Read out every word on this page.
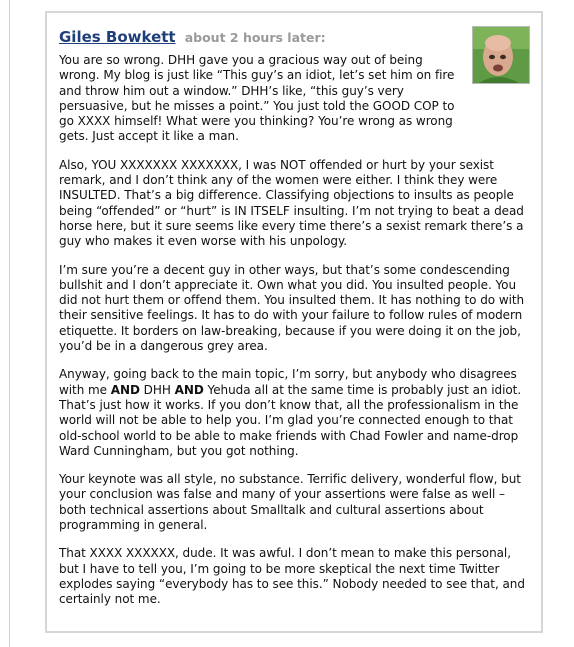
Giles Bowkett about 2 hours later:

You are so wrong. DHH gave you a gracious way out of being wrong. My blog is just like “This guy’s an idiot, let’s set him on fire and throw him out a window.” DHH’s like, “this guy’s very persuasive, but he misses a point.” You just told the GOOD COP to go XXXX himself! What were you thinking? You’re wrong as wrong gets. Just accept it like a man.

Also, YOU XXXXXXX XXXXXXX, I was NOT offended or hurt by your sexist remark, and I don’t think any of the women were either. I think they were INSULTED. That’s a big difference. Classifying objections to insults as people being “offended” or “hurt” is IN ITSELF insulting. I’m not trying to beat a dead horse here, but it sure seems like every time there’s a sexist remark there’s a guy who makes it even worse with his unpology.

I’m sure you’re a decent guy in other ways, but that’s some condescending bullshit and I don’t appreciate it. Own what you did. You insulted people. You did not hurt them or offend them. You insulted them. It has nothing to do with their sensitive feelings. It has to do with your failure to follow rules of modern etiquette. It borders on law-breaking, because if you were doing it on the job, you’d be in a dangerous grey area.

Anyway, going back to the main topic, I’m sorry, but anybody who disagrees with me AND DHH AND Yehuda all at the same time is probably just an idiot. That’s just how it works. If you don’t know that, all the professionalism in the world will not be able to help you. I’m glad you’re connected enough to that old-school world to be able to make friends with Chad Fowler and name-drop Ward Cunningham, but you got nothing.

Your keynote was all style, no substance. Terrific delivery, wonderful flow, but your conclusion was false and many of your assertions were false as well – both technical assertions about Smalltalk and cultural assertions about programming in general.

That XXXX XXXXXX, dude. It was awful. I don’t mean to make this personal, but I have to tell you, I’m going to be more skeptical the next time Twitter explodes saying “everybody has to see this.” Nobody needed to see that, and certainly not me.
